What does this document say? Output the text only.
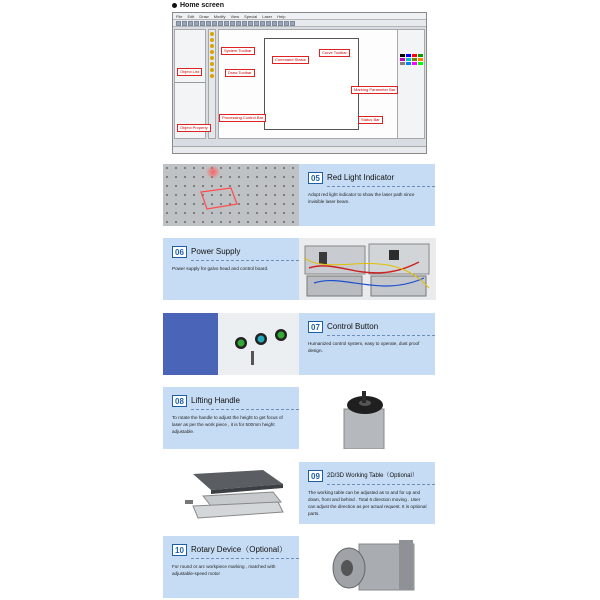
Home screen
File Edit Draw Modify View Special Laser Help
Object List
System Toolbar
Draw Toolbar
Command Status
Curve Toolbar
Marking Parameter Bar
Object Property
Processing Control Bar	Status Bar
05 Red Light Indicator
Adopt red light indicator to show the laser path since invisible laser beam.
06 Power Supply
Power supply for galvo head and control board.
07 Control Button
Humanized control system, easy to operate, dust proof design.
08 Lifting Handle
To rotate the handle to adjust the height to get focus of laser as per the work piece , it is for 500mm height adjustable.
09	2D/3D Working Table（Optional）
The working table can be adjusted as to and for up and down, front and behind . Total 6 direction moving . User can adjust the direction as per actual request. It is optional parts.
10 Rotary Device（Optional）
For round or arc workpiece marking , matched with adjustable-speed motor
